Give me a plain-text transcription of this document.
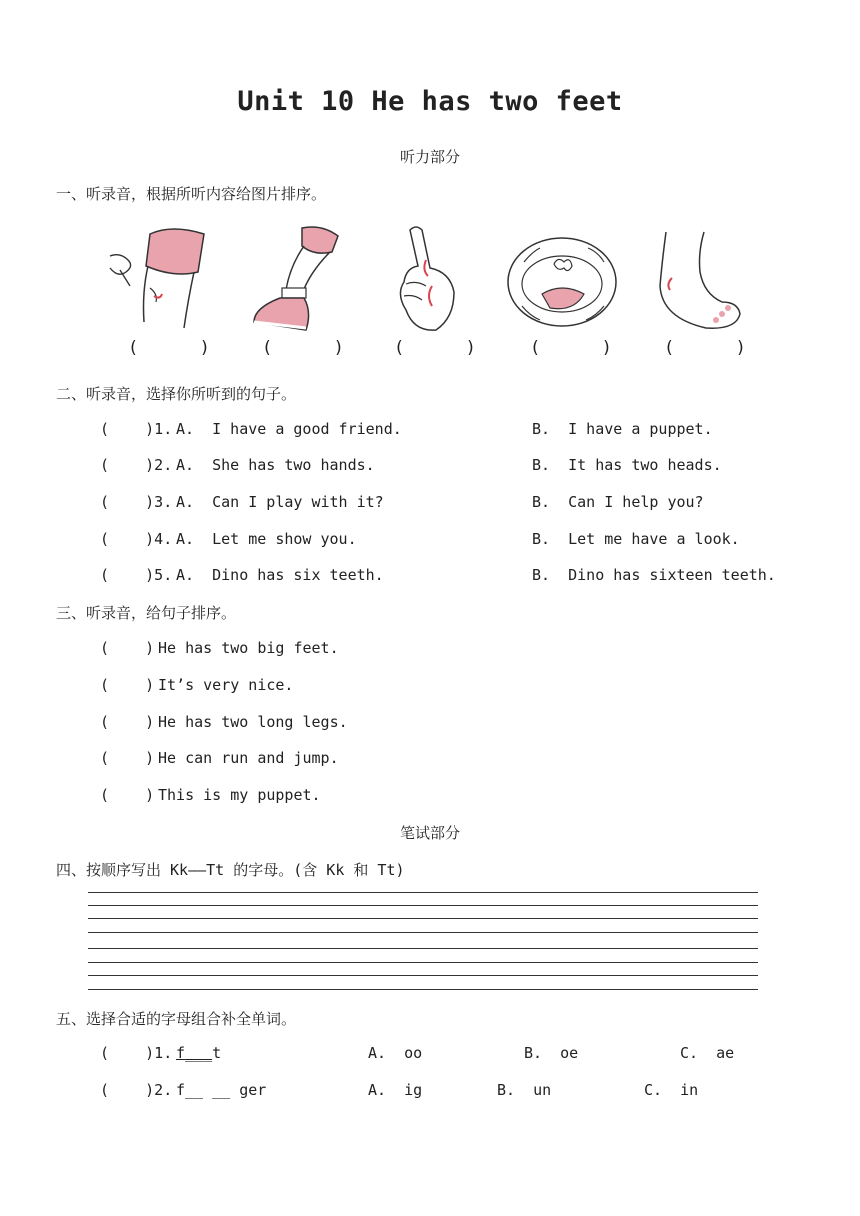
Unit 10 He has two feet
听力部分
一、听录音，根据所听内容给图片排序。
(      )	(      )	(      )	(      )	(      )
二、听录音，选择你所听到的句子。
(    )1. A.  I have a good friend.	B.  I have a puppet.
(    )2. A.  She has two hands.	B.  It has two heads.
(    )3. A.  Can I play with it?	B.  Can I help you?
(    )4. A.  Let me show you.	B.  Let me have a look.
(    )5. A.  Dino has six teeth.	B.  Dino has sixteen teeth.
三、听录音，给句子排序。
(    ) He has two big feet.
(    ) It’s very nice.
(    ) He has two long legs.
(    ) He can run and jump.
(    ) This is my puppet.
笔试部分
四、按顺序写出 Kk——Tt 的字母。(含 Kk 和 Tt)
五、选择合适的字母组合补全单词。
(    )1. f___t	A.  oo	B.  oe	C.  ae
(    )2. f__ __ ger	A.  ig	B.  un	C.  in
